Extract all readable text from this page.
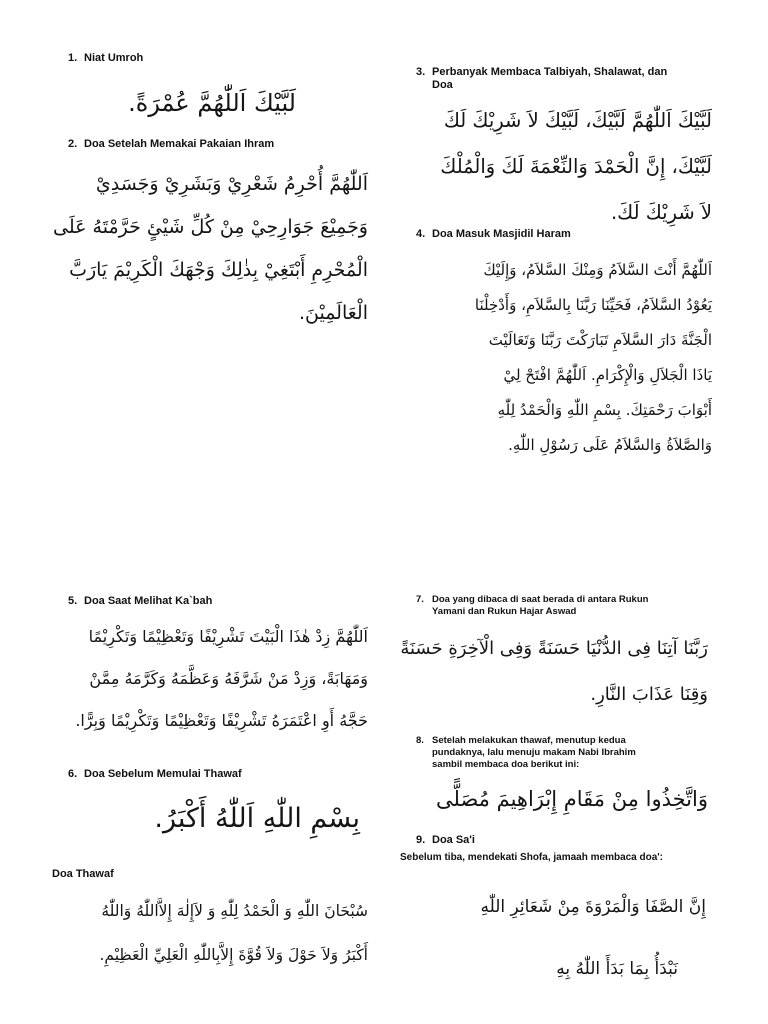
1. Niat Umroh
لَبَّيْكَ اَللّٰهُمَّ عُمْرَةً.
2. Doa Setelah Memakai Pakaian Ihram
اَللّٰهُمَّ أُحْرِمُ شَعْرِيْ وَبَشَرِيْ وَجَسَدِيْ
وَجَمِيْعَ جَوَارِحِيْ مِنْ كُلِّ شَيْئٍ حَرَّمْتَهُ عَلَى
الْمُحْرِمِ أَبْتَغِيْ بِذٰلِكَ وَجْهَكَ الْكَرِيْمَ يَارَبَّ
الْعَالَمِيْنَ.
3. Perbanyak Membaca Talbiyah, Shalawat, dan
Doa
لَبَّيْكَ اَللّٰهُمَّ لَبَّيْكَ، لَبَّيْكَ لاَ شَرِيْكَ لَكَ
لَبَّيْكَ، إِنَّ الْحَمْدَ وَالنِّعْمَةَ لَكَ وَالْمُلْكَ
لاَ شَرِيْكَ لَكَ.
4. Doa Masuk Masjidil Haram
اَللّٰهُمَّ أَنْتَ السَّلاَمُ وَمِنْكَ السَّلاَمُ، وَإِلَيْكَ
يَعُوْدُ السَّلاَمُ، فَحَيِّنَا رَبَّنَا بِالسَّلاَمِ، وَأَدْخِلْنَا
الْجَنَّةَ دَارَ السَّلاَمِ تَبَارَكْتَ رَبَّنَا وَتَعَالَيْتَ
يَاذَا الْجَلاَلِ وَالْإِكْرَامِ. اَللّٰهُمَّ افْتَحْ لِيْ
أَبْوَابَ رَحْمَتِكَ. بِسْمِ اللّٰهِ وَالْحَمْدُ لِلّٰهِ
وَالصَّلاَةُ وَالسَّلاَمُ عَلَى رَسُوْلِ اللّٰهِ.
5. Doa Saat Melihat Ka`bah
اَللّٰهُمَّ زِدْ هٰذَا الْبَيْتَ تَشْرِيْفًا وَتَعْظِيْمًا وَتَكْرِيْمًا
وَمَهَابَةً، وَزِدْ مَنْ شَرَّفَهُ وَعَظَّمَهُ وَكَرَّمَهُ مِمَّنْ
حَجَّهُ أَوِ اعْتَمَرَهُ تَشْرِيْفًا وَتَعْظِيْمًا وَتَكْرِيْمًا وَبِرًّا.
6. Doa Sebelum Memulai Thawaf
بِسْمِ اللّٰهِ اَللّٰهُ أَكْبَرُ.
Doa Thawaf
سُبْحَانَ اللّٰهِ وَ الْحَمْدُ لِلّٰهِ وَ لاَإِلٰهَ إِلاَّاللّٰهُ وَاللّٰهُ
أَكْبَرُ وَلاَ حَوْلَ وَلاَ قُوَّةَ إِلاَّبِاللّٰهِ الْعَلِيِّ الْعَظِيْمِ.
7. Doa yang dibaca di saat berada di antara Rukun
Yamani dan Rukun Hajar Aswad
رَبَّنَا آتِنَا فِى الدُّنْيَا حَسَنَةً وَفِى الْآخِرَةِ حَسَنَةً
وَقِنَا عَذَابَ النَّارِ.
8. Setelah melakukan thawaf, menutup kedua
pundaknya, lalu menuju makam Nabi Ibrahim
sambil membaca doa berikut ini:
وَاتَّخِذُوا مِنْ مَقَامِ إِبْرَاهِيمَ مُصَلًّى
9. Doa Sa'i
Sebelum tiba, mendekati Shofa, jamaah membaca doa':
إِنَّ الصَّفَا وَالْمَرْوَةَ مِنْ شَعَائِرِ اللّٰهِ
نَبْدَأُ بِمَا بَدَأَ اللّٰهُ بِهِ
